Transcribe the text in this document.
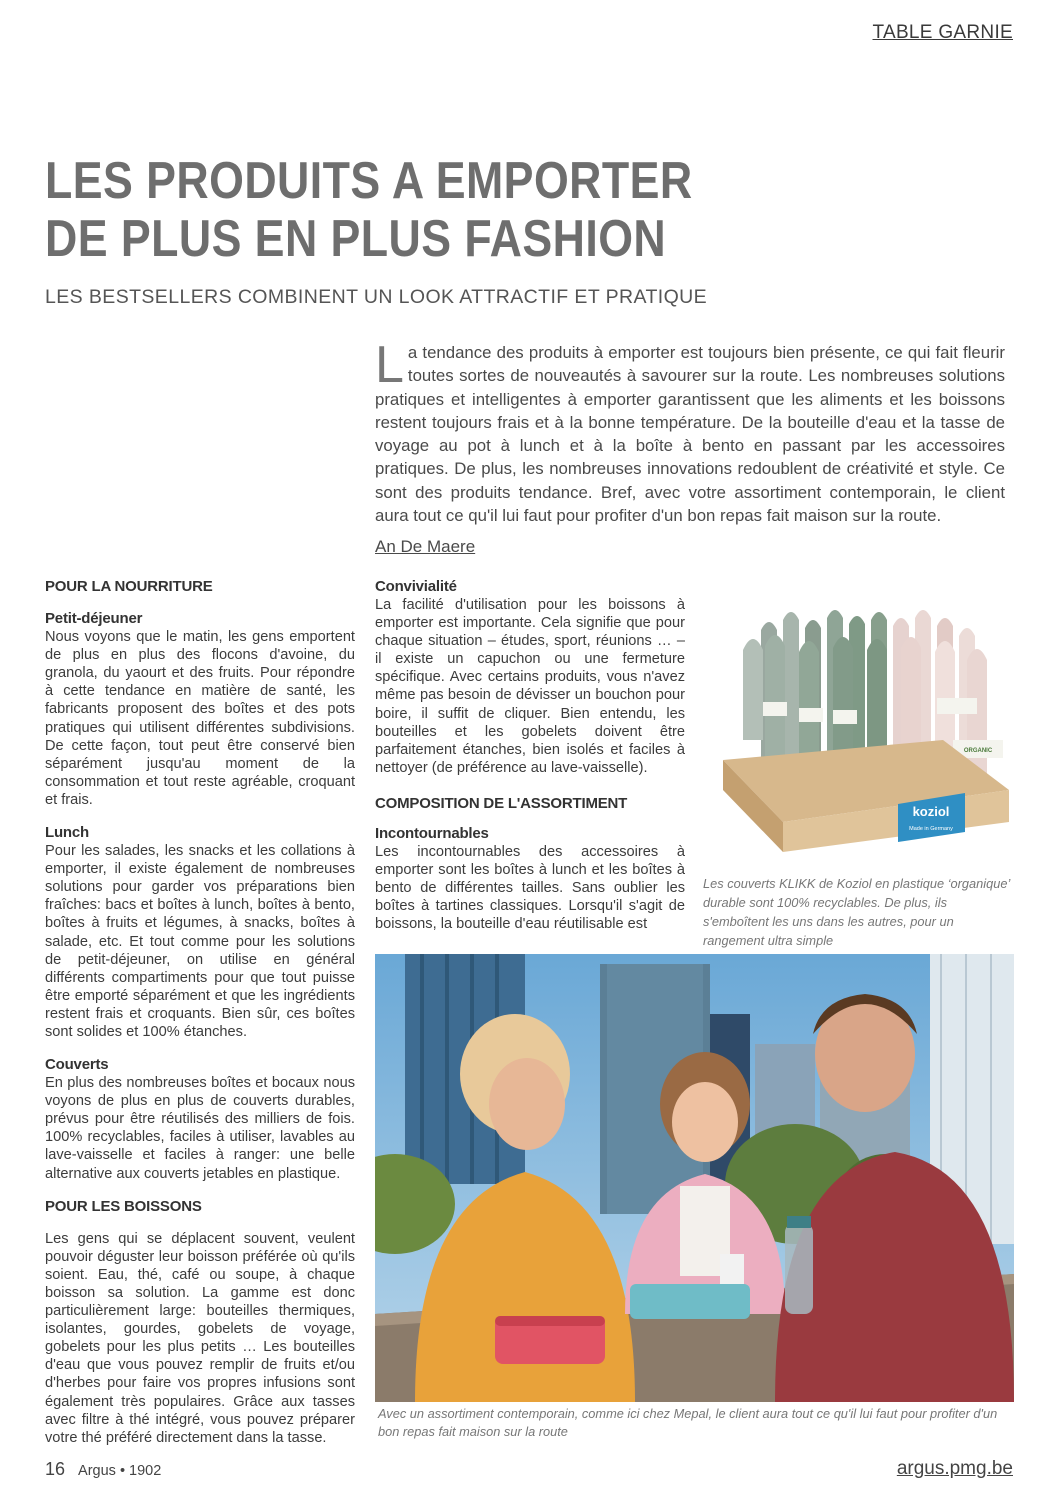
TABLE GARNIE
LES PRODUITS A EMPORTER
DE PLUS EN PLUS FASHION
LES BESTSELLERS COMBINENT UN LOOK ATTRACTIF ET PRATIQUE
La tendance des produits à emporter est toujours bien présente, ce qui fait fleurir toutes sortes de nouveautés à savourer sur la route. Les nombreuses solutions pratiques et intelligentes à emporter garantissent que les aliments et les boissons restent toujours frais et à la bonne température. De la bouteille d'eau et la tasse de voyage au pot à lunch et à la boîte à bento en passant par les accessoires pratiques. De plus, les nombreuses innovations redoublent de créativité et style. Ce sont des produits tendance. Bref, avec votre assortiment contemporain, le client aura tout ce qu'il lui faut pour profiter d'un bon repas fait maison sur la route.
An De Maere
POUR LA NOURRITURE
Petit-déjeuner

Nous voyons que le matin, les gens emportent de plus en plus des flocons d'avoine, du granola, du yaourt et des fruits. Pour répondre à cette tendance en matière de santé, les fabricants proposent des boîtes et des pots pratiques qui utilisent différentes subdivisions. De cette façon, tout peut être conservé bien séparément jusqu'au moment de la consommation et tout reste agréable, croquant et frais.

Lunch

Pour les salades, les snacks et les collations à emporter, il existe également de nombreuses solutions pour garder vos préparations bien fraîches: bacs et boîtes à lunch, boîtes à bento, boîtes à fruits et légumes, à snacks, boîtes à salade, etc. Et tout comme pour les solutions de petit-déjeuner, on utilise en général différents compartiments pour que tout puisse être emporté séparément et que les ingrédients restent frais et croquants. Bien sûr, ces boîtes sont solides et 100% étanches.

Couverts

En plus des nombreuses boîtes et bocaux nous voyons de plus en plus de couverts durables, prévus pour être réutilisés des milliers de fois. 100% recyclables, faciles à utiliser, lavables au lave-vaisselle et faciles à ranger: une belle alternative aux couverts jetables en plastique.

POUR LES BOISSONS

Les gens qui se déplacent souvent, veulent pouvoir déguster leur boisson préférée où qu'ils soient. Eau, thé, café ou soupe, à chaque boisson sa solution. La gamme est donc particulièrement large: bouteilles thermiques, isolantes, gourdes, gobelets de voyage, gobelets pour les plus petits … Les bouteilles d'eau que vous pouvez remplir de fruits et/ou d'herbes pour faire vos propres infusions sont également très populaires. Grâce aux tasses avec filtre à thé intégré, vous pouvez préparer votre thé préféré directement dans la tasse.

Convivialité

La facilité d'utilisation pour les boissons à emporter est importante. Cela signifie que pour chaque situation – études, sport, réunions … – il existe un capuchon ou une fermeture spécifique. Avec certains produits, vous n'avez même pas besoin de dévisser un bouchon pour boire, il suffit de cliquer. Bien entendu, les bouteilles et les gobelets doivent être parfaitement étanches, bien isolés et faciles à nettoyer (de préférence au lave-vaisselle).

COMPOSITION DE L'ASSORTIMENT
Incontournables

Les incontournables des accessoires à emporter sont les boîtes à lunch et les boîtes à bento de différentes tailles. Sans oublier les boîtes à tartines classiques. Lorsqu'il s'agit de boissons, la bouteille d'eau réutilisable est

ORGANIC
koziol
Made in Germany
Les couverts KLIKK de Koziol en plastique ‘organique’ durable sont 100% recyclables. De plus, ils s'emboîtent les uns dans les autres, pour un rangement ultra simple
Avec un assortiment contemporain, comme ici chez Mepal, le client aura tout ce qu'il lui faut pour profiter d'un bon repas fait maison sur la route
16 Argus • 1902	argus.pmg.be
